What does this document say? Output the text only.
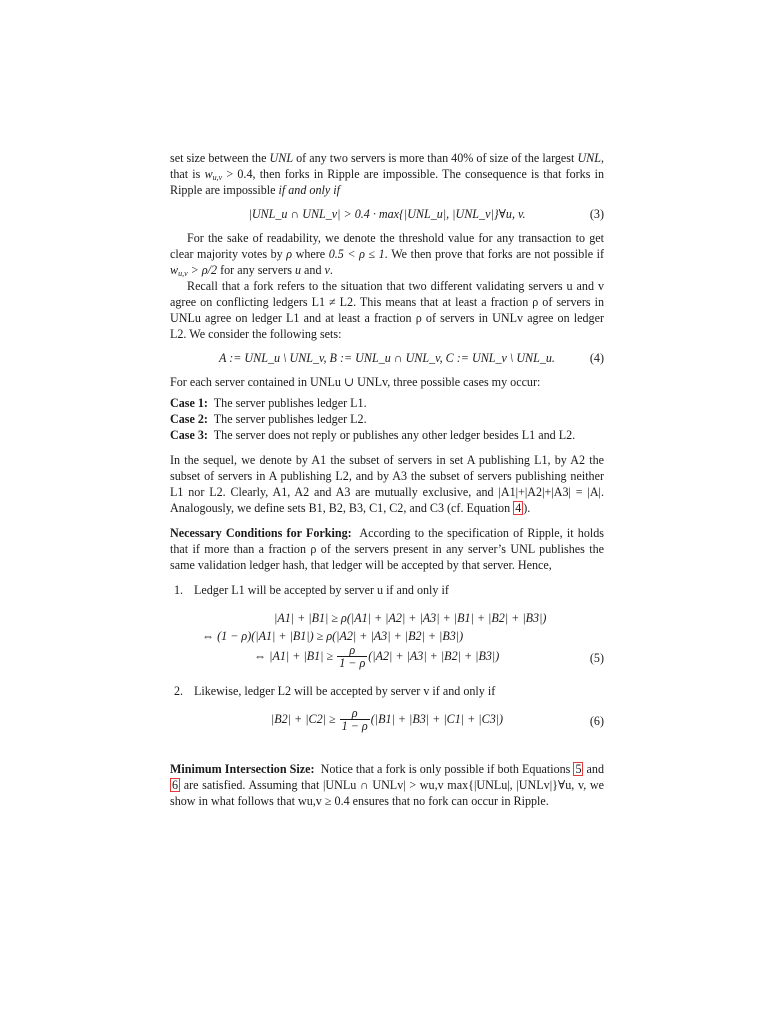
set size between the UNL of any two servers is more than 40% of size of the largest UNL, that is $w_{u,v} > 0.4$, then forks in Ripple are impossible. The consequence is that forks in Ripple are impossible if and only if

|UNL_u ∩ UNL_v| > 0.4 · max{|UNL_u|, |UNL_v|}∀u, v.	(3)

For the sake of readability, we denote the threshold value for any transaction to get clear majority votes by ρ where 0.5 < ρ ≤ 1. We then prove that forks are not possible if $w_{u,v} > \rho/2$ for any servers u and v.

Recall that a fork refers to the situation that two different validating servers u and v agree on conflicting ledgers L1 ≠ L2. This means that at least a fraction ρ of servers in UNLu agree on ledger L1 and at least a fraction ρ of servers in UNLv agree on ledger L2. We consider the following sets:

A := UNL_u \ UNL_v, B := UNL_u ∩ UNL_v, C := UNL_v \ UNL_u.	(4)

For each server contained in UNLu ∪ UNLv, three possible cases my occur:

Case 1: The server publishes ledger L1.
Case 2: The server publishes ledger L2.
Case 3: The server does not reply or publishes any other ledger besides L1 and L2.

In the sequel, we denote by A1 the subset of servers in set A publishing L1, by A2 the subset of servers in A publishing L2, and by A3 the subset of servers publishing neither L1 nor L2. Clearly, A1, A2 and A3 are mutually exclusive, and |A1|+|A2|+|A3| = |A|. Analogously, we define sets B1, B2, B3, C1, C2, and C3 (cf. Equation 4 ).

Necessary Conditions for Forking: According to the specification of Ripple, it holds that if more than a fraction ρ of the servers present in any server’s UNL publishes the same validation ledger hash, that ledger will be accepted by that server. Hence,

1. Ledger L1 will be accepted by server u if and only if
|A1| + |B1| ≥ ρ(|A1| + |A2| + |A3| + |B1| + |B2| + |B3|)
⇔ (1 − ρ)(|A1| + |B1|) ≥ ρ(|A2| + |A3| + |B2| + |B3|)
⇔ $|A1| + |B1| \ge \frac{\rho}{1 - \rho} (|A2| + |A3| + |B2| + |B3|)$	(5)
2. Likewise, ledger L2 will be accepted by server v if and only if
$|B2| + |C2| \ge \frac{\rho}{1 - \rho} (|B1| + |B3| + |C1| + |C3|)$	(6)

Minimum Intersection Size: Notice that a fork is only possible if both Equations 5 and 6 are satisfied. Assuming that |UNLu ∩ UNLv| > wu,v max{|UNLu|, |UNLv|}∀u, v, we show in what follows that wu,v ≥ 0.4 ensures that no fork can occur in Ripple.
